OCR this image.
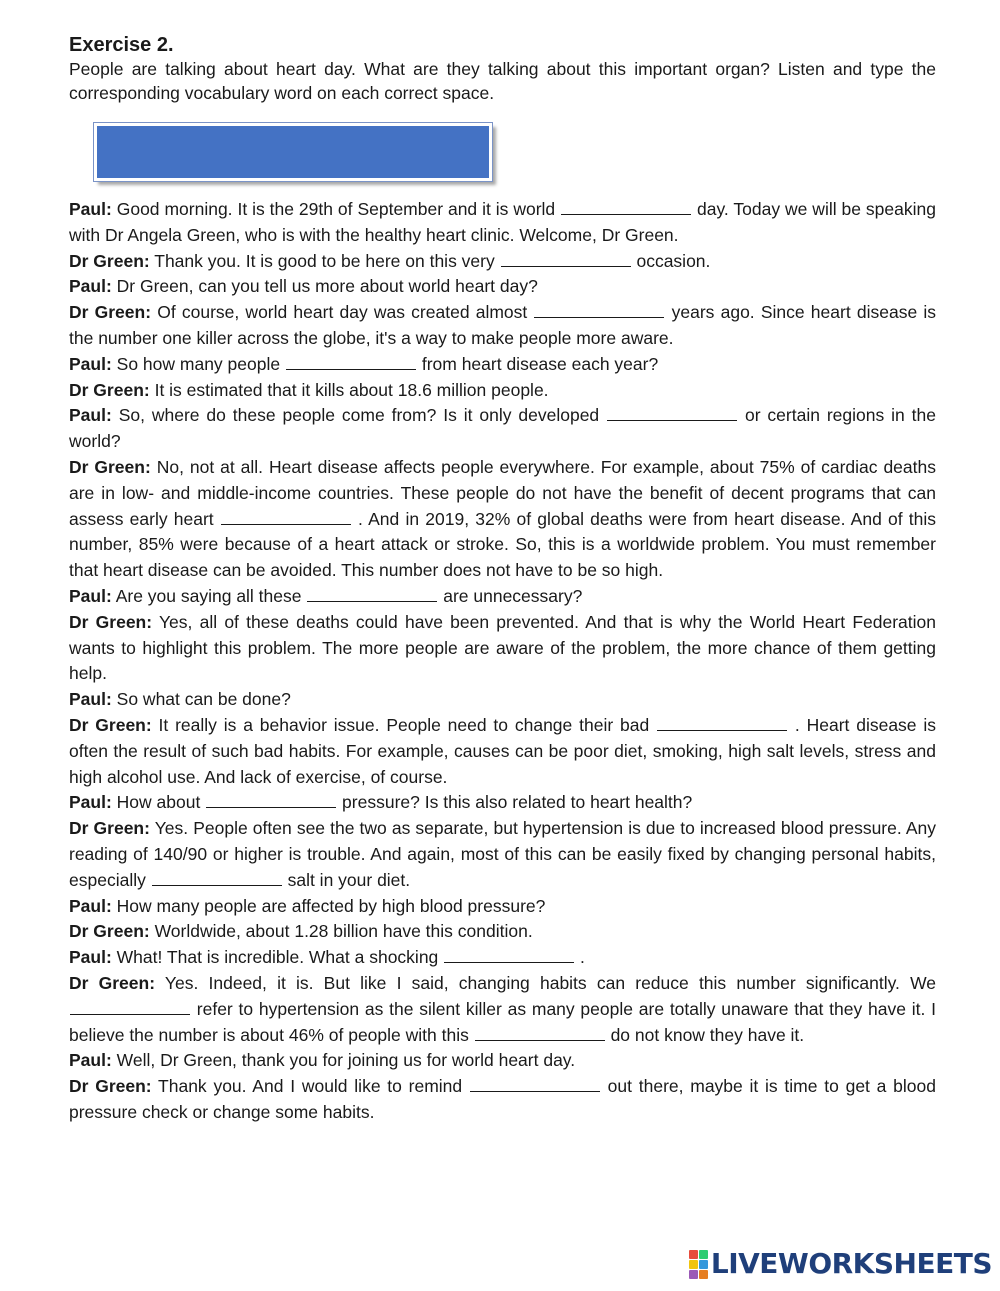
Exercise 2.

People are talking about heart day. What are they talking about this important organ? Listen and type the corresponding vocabulary word on each correct space.

Paul: Good morning. It is the 29th of September and it is world	day. Today we will be speaking with Dr Angela Green, who is with the healthy heart clinic. Welcome, Dr Green.

Dr Green: Thank you. It is good to be here on this very	occasion.

Paul: Dr Green, can you tell us more about world heart day?

Dr Green: Of course, world heart day was created almost	years ago. Since heart disease is the number one killer across the globe, it's a way to make people more aware.

Paul: So how many people	from heart disease each year?

Dr Green: It is estimated that it kills about 18.6 million people.

Paul: So, where do these people come from? Is it only developed	or certain regions in the world?

Dr Green: No, not at all. Heart disease affects people everywhere. For example, about 75% of cardiac deaths are in low- and middle-income countries. These people do not have the benefit of decent programs that can assess early heart	. And in 2019, 32% of global deaths were from heart disease. And of this number, 85% were because of a heart attack or stroke. So, this is a worldwide problem. You must remember that heart disease can be avoided. This number does not have to be so high.

Paul: Are you saying all these	are unnecessary?

Dr Green: Yes, all of these deaths could have been prevented. And that is why the World Heart Federation wants to highlight this problem. The more people are aware of the problem, the more chance of them getting help.

Paul: So what can be done?

Dr Green: It really is a behavior issue. People need to change their bad	. Heart disease is often the result of such bad habits. For example, causes can be poor diet, smoking, high salt levels, stress and high alcohol use. And lack of exercise, of course.

Paul: How about	pressure? Is this also related to heart health?

Dr Green: Yes. People often see the two as separate, but hypertension is due to increased blood pressure. Any reading of 140/90 or higher is trouble. And again, most of this can be easily fixed by changing personal habits, especially	salt in your diet.

Paul: How many people are affected by high blood pressure?

Dr Green: Worldwide, about 1.28 billion have this condition.

Paul: What! That is incredible. What a shocking	.

Dr Green: Yes. Indeed, it is. But like I said, changing habits can reduce this number significantly. We  refer to hypertension as the silent killer as many people are totally unaware that they have it. I believe the number is about 46% of people with this	do not know they have it.

Paul: Well, Dr Green, thank you for joining us for world heart day.

Dr Green: Thank you. And I would like to remind	out there, maybe it is time to get a blood pressure check or change some habits.

LIVEWORKSHEETS
